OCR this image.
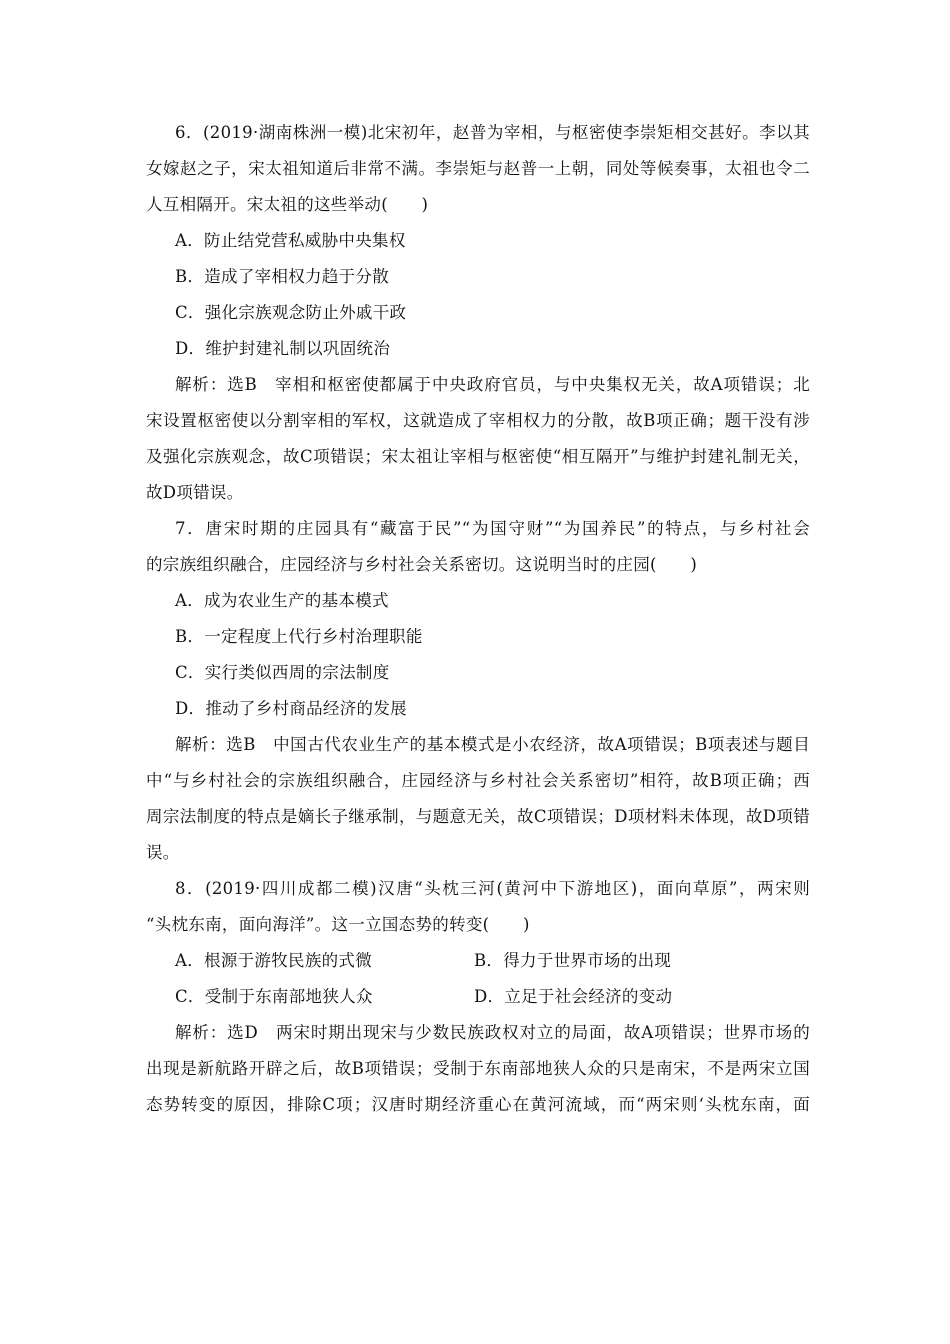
6．(2019·湖南株洲一模)北宋初年，赵普为宰相，与枢密使李崇矩相交甚好。李以其
女嫁赵之子，宋太祖知道后非常不满。李崇矩与赵普一上朝，同处等候奏事，太祖也令二
人互相隔开。宋太祖的这些举动(　　)
A．防止结党营私威胁中央集权
B．造成了宰相权力趋于分散
C．强化宗族观念防止外戚干政
D．维护封建礼制以巩固统治
解析：选B　宰相和枢密使都属于中央政府官员，与中央集权无关，故A项错误；北
宋设置枢密使以分割宰相的军权，这就造成了宰相权力的分散，故B项正确；题干没有涉
及强化宗族观念，故C项错误；宋太祖让宰相与枢密使“相互隔开”与维护封建礼制无关，
故D项错误。
7．唐宋时期的庄园具有“藏富于民”“为国守财”“为国养民”的特点，与乡村社会
的宗族组织融合，庄园经济与乡村社会关系密切。这说明当时的庄园(　　)
A．成为农业生产的基本模式
B．一定程度上代行乡村治理职能
C．实行类似西周的宗法制度
D．推动了乡村商品经济的发展
解析：选B　中国古代农业生产的基本模式是小农经济，故A项错误；B项表述与题目
中“与乡村社会的宗族组织融合，庄园经济与乡村社会关系密切”相符，故B项正确；西
周宗法制度的特点是嫡长子继承制，与题意无关，故C项错误；D项材料未体现，故D项错
误。
8．(2019·四川成都二模)汉唐“头枕三河(黄河中下游地区)，面向草原”，两宋则
“头枕东南，面向海洋”。这一立国态势的转变(　　)
A．根源于游牧民族的式微	B．得力于世界市场的出现
C．受制于东南部地狭人众	D．立足于社会经济的变动
解析：选D　两宋时期出现宋与少数民族政权对立的局面，故A项错误；世界市场的
出现是新航路开辟之后，故B项错误；受制于东南部地狭人众的只是南宋，不是两宋立国
态势转变的原因，排除C项；汉唐时期经济重心在黄河流域，而“两宋则‘头枕东南，面
